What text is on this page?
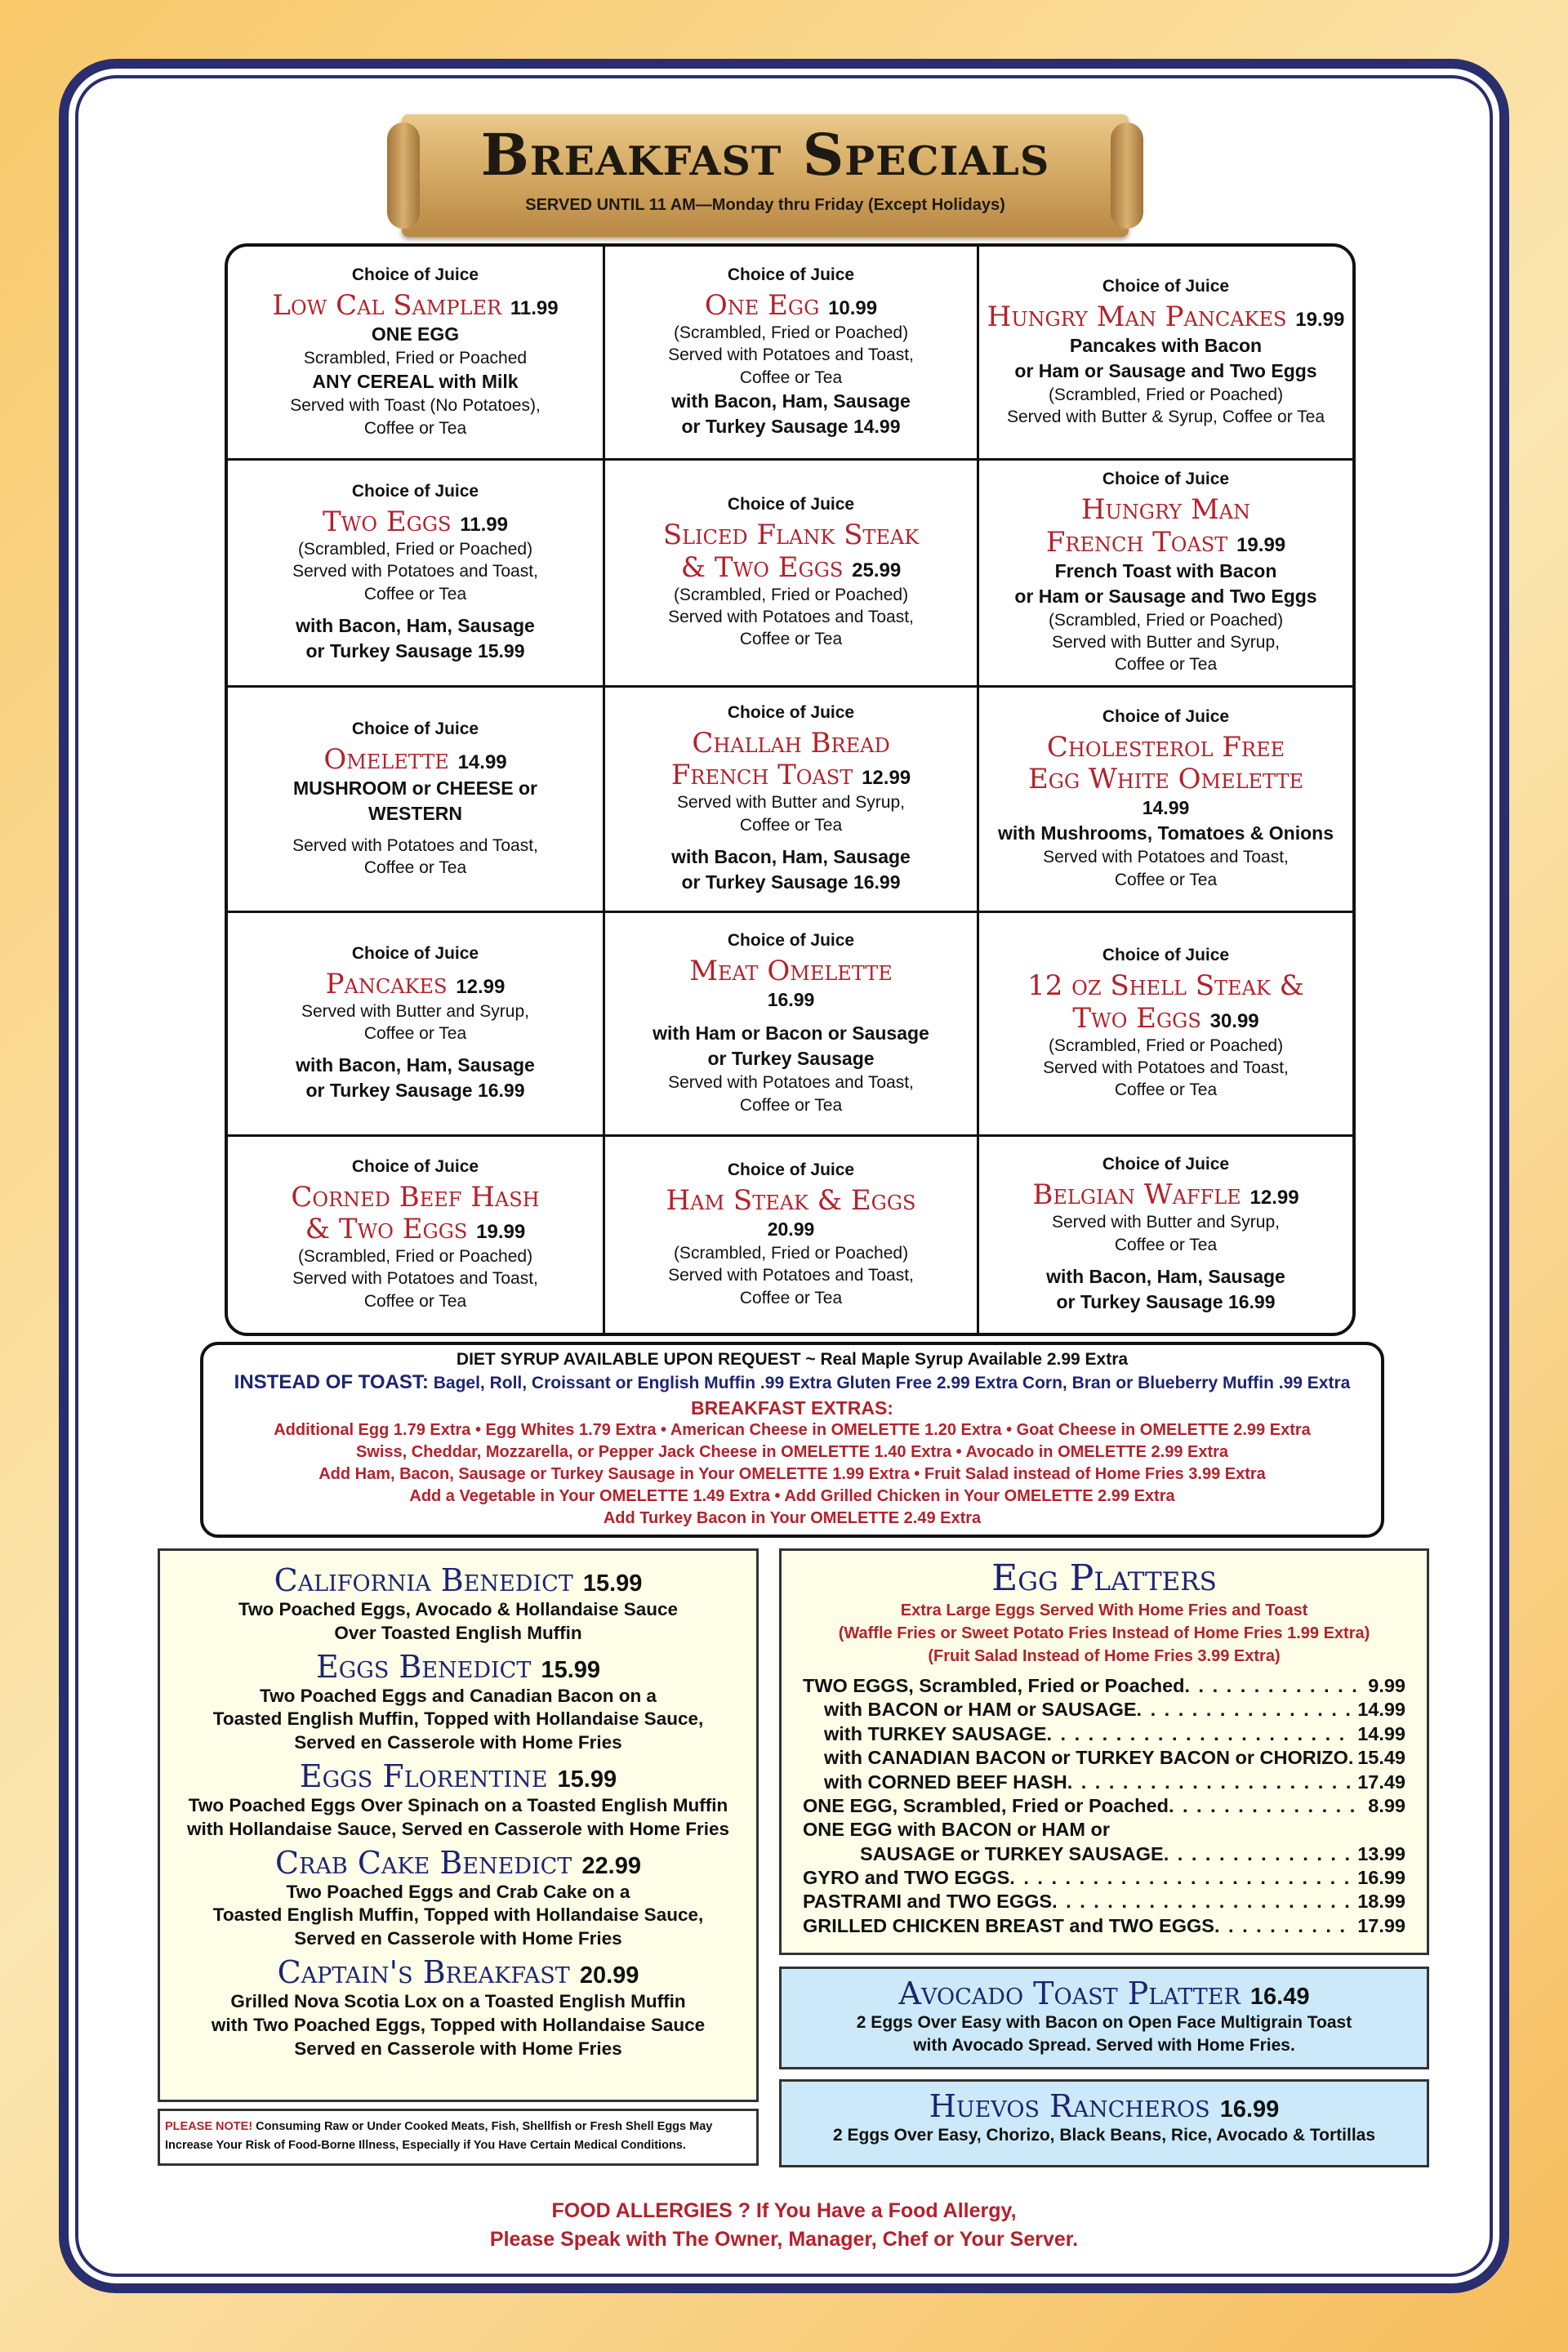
Breakfast Specials
SERVED UNTIL 11 AM—Monday thru Friday (Except Holidays)
Choice of Juice
Low Cal Sampler 11.99
ONE EGG
Scrambled, Fried or Poached
ANY CEREAL with Milk
Served with Toast (No Potatoes),
Coffee or Tea
Choice of Juice
One Egg 10.99
(Scrambled, Fried or Poached)
Served with Potatoes and Toast,
Coffee or Tea
with Bacon, Ham, Sausage
or Turkey Sausage 14.99
Choice of Juice
Hungry Man Pancakes 19.99
Pancakes with Bacon
or Ham or Sausage and Two Eggs
(Scrambled, Fried or Poached)
Served with Butter & Syrup, Coffee or Tea
Choice of Juice
Two Eggs 11.99
(Scrambled, Fried or Poached)
Served with Potatoes and Toast,
Coffee or Tea
with Bacon, Ham, Sausage
or Turkey Sausage 15.99
Choice of Juice
Sliced Flank Steak
& Two Eggs 25.99
(Scrambled, Fried or Poached)
Served with Potatoes and Toast,
Coffee or Tea
Choice of Juice
Hungry Man
French Toast 19.99
French Toast with Bacon
or Ham or Sausage and Two Eggs
(Scrambled, Fried or Poached)
Served with Butter and Syrup,
Coffee or Tea
Choice of Juice
Omelette 14.99
MUSHROOM or CHEESE or
WESTERN
Served with Potatoes and Toast,
Coffee or Tea
Choice of Juice
Challah Bread
French Toast 12.99
Served with Butter and Syrup,
Coffee or Tea
with Bacon, Ham, Sausage
or Turkey Sausage 16.99
Choice of Juice
Cholesterol Free
Egg White Omelette
14.99
with Mushrooms, Tomatoes & Onions
Served with Potatoes and Toast,
Coffee or Tea
Choice of Juice
Pancakes 12.99
Served with Butter and Syrup,
Coffee or Tea
with Bacon, Ham, Sausage
or Turkey Sausage 16.99
Choice of Juice
Meat Omelette
16.99
with Ham or Bacon or Sausage
or Turkey Sausage
Served with Potatoes and Toast,
Coffee or Tea
Choice of Juice
12 oz Shell Steak &
Two Eggs 30.99
(Scrambled, Fried or Poached)
Served with Potatoes and Toast,
Coffee or Tea
Choice of Juice
Corned Beef Hash
& Two Eggs 19.99
(Scrambled, Fried or Poached)
Served with Potatoes and Toast,
Coffee or Tea
Choice of Juice
Ham Steak & Eggs
20.99
(Scrambled, Fried or Poached)
Served with Potatoes and Toast,
Coffee or Tea
Choice of Juice
Belgian Waffle 12.99
Served with Butter and Syrup,
Coffee or Tea
with Bacon, Ham, Sausage
or Turkey Sausage 16.99
DIET SYRUP AVAILABLE UPON REQUEST ~ Real Maple Syrup Available 2.99 Extra
INSTEAD OF TOAST: Bagel, Roll, Croissant or English Muffin .99 Extra Gluten Free 2.99 Extra Corn, Bran or Blueberry Muffin .99 Extra
BREAKFAST EXTRAS:
Additional Egg 1.79 Extra • Egg Whites 1.79 Extra • American Cheese in OMELETTE 1.20 Extra • Goat Cheese in OMELETTE 2.99 Extra
Swiss, Cheddar, Mozzarella, or Pepper Jack Cheese in OMELETTE 1.40 Extra • Avocado in OMELETTE 2.99 Extra
Add Ham, Bacon, Sausage or Turkey Sausage in Your OMELETTE 1.99 Extra • Fruit Salad instead of Home Fries 3.99 Extra
Add a Vegetable in Your OMELETTE 1.49 Extra • Add Grilled Chicken in Your OMELETTE 2.99 Extra
Add Turkey Bacon in Your OMELETTE 2.49 Extra
California Benedict 15.99
Two Poached Eggs, Avocado & Hollandaise Sauce
Over Toasted English Muffin
Eggs Benedict 15.99
Two Poached Eggs and Canadian Bacon on a
Toasted English Muffin, Topped with Hollandaise Sauce,
Served en Casserole with Home Fries
Eggs Florentine 15.99
Two Poached Eggs Over Spinach on a Toasted English Muffin
with Hollandaise Sauce, Served en Casserole with Home Fries
Crab Cake Benedict 22.99
Two Poached Eggs and Crab Cake on a
Toasted English Muffin, Topped with Hollandaise Sauce,
Served en Casserole with Home Fries
Captain's Breakfast 20.99
Grilled Nova Scotia Lox on a Toasted English Muffin
with Two Poached Eggs, Topped with Hollandaise Sauce
Served en Casserole with Home Fries
PLEASE NOTE! Consuming Raw or Under Cooked Meats, Fish, Shellfish or Fresh Shell Eggs May
Increase Your Risk of Food-Borne Illness, Especially if You Have Certain Medical Conditions.
Egg Platters
Extra Large Eggs Served With Home Fries and Toast
(Waffle Fries or Sweet Potato Fries Instead of Home Fries 1.99 Extra)
(Fruit Salad Instead of Home Fries 3.99 Extra)
TWO EGGS, Scrambled, Fried or Poached . . .	9.99
with BACON or HAM or SAUSAGE . . .	14.99
with TURKEY SAUSAGE . . .	14.99
with CANADIAN BACON or TURKEY BACON or CHORIZO . . . 15.49
with CORNED BEEF HASH . . .	17.49
ONE EGG, Scrambled, Fried or Poached . . .	8.99
ONE EGG with BACON or HAM or
SAUSAGE or TURKEY SAUSAGE . . .	13.99
GYRO and TWO EGGS . . .	16.99
PASTRAMI and TWO EGGS . . .	18.99
GRILLED CHICKEN BREAST and TWO EGGS . . .	17.99
Avocado Toast Platter 16.49
2 Eggs Over Easy with Bacon on Open Face Multigrain Toast
with Avocado Spread. Served with Home Fries.
Huevos Rancheros 16.99
2 Eggs Over Easy, Chorizo, Black Beans, Rice, Avocado & Tortillas
FOOD ALLERGIES ? If You Have a Food Allergy,
Please Speak with The Owner, Manager, Chef or Your Server.
